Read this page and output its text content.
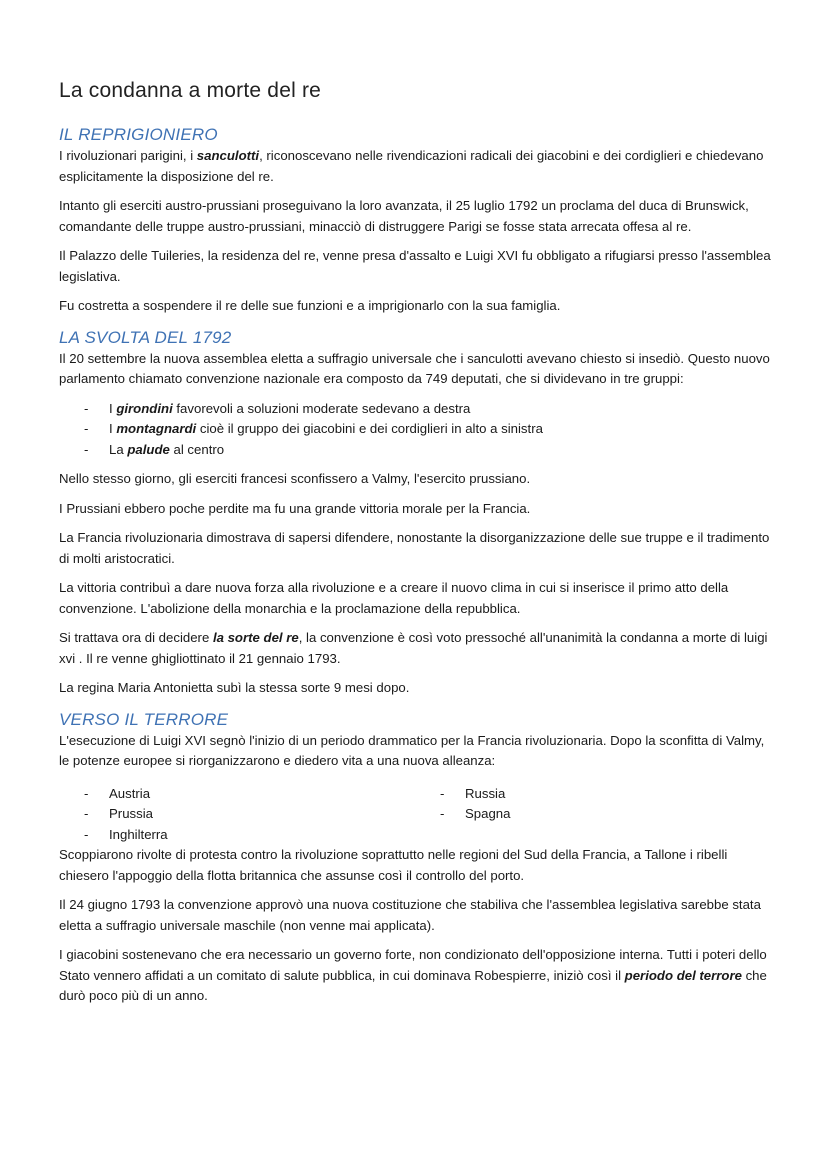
La condanna a morte del re
IL REPRIGIONIERO

I rivoluzionari parigini, i sanculotti, riconoscevano nelle rivendicazioni radicali dei giacobini e dei cordiglieri e chiedevano esplicitamente la disposizione del re.

Intanto gli eserciti austro-prussiani proseguivano la loro avanzata, il 25 luglio 1792 un proclama del duca di Brunswick, comandante delle truppe austro-prussiani, minacciò di distruggere Parigi se fosse stata arrecata offesa al re.

Il Palazzo delle Tuileries, la residenza del re, venne presa d'assalto e Luigi XVI fu obbligato a rifugiarsi presso l'assemblea legislativa.

Fu costretta a sospendere il re delle sue funzioni e a imprigionarlo con la sua famiglia.

LA SVOLTA DEL 1792

Il 20 settembre la nuova assemblea eletta a suffragio universale che i sanculotti avevano chiesto si insediò. Questo nuovo parlamento chiamato convenzione nazionale era composto da 749 deputati, che si dividevano in tre gruppi:

- I girondini favorevoli a soluzioni moderate sedevano a destra
- I montagnardi cioè il gruppo dei giacobini e dei cordiglieri in alto a sinistra
- La palude al centro

Nello stesso giorno, gli eserciti francesi sconfissero a Valmy, l'esercito prussiano.

I Prussiani ebbero poche perdite ma fu una grande vittoria morale per la Francia.

La Francia rivoluzionaria dimostrava di sapersi difendere, nonostante la disorganizzazione delle sue truppe e il tradimento di molti aristocratici.

La vittoria contribuì a dare nuova forza alla rivoluzione e a creare il nuovo clima in cui si inserisce il primo atto della convenzione. L'abolizione della monarchia e la proclamazione della repubblica.

Si trattava ora di decidere la sorte del re, la convenzione è così voto pressoché all'unanimità la condanna a morte di luigi xvi . Il re venne ghigliottinato il 21 gennaio 1793.

La regina Maria Antonietta subì la stessa sorte 9 mesi dopo.

VERSO IL TERRORE

L'esecuzione di Luigi XVI segnò l'inizio di un periodo drammatico per la Francia rivoluzionaria. Dopo la sconfitta di Valmy, le potenze europee si riorganizzarono e diedero vita a una nuova alleanza:

- Austria
- Prussia
- Inghilterra
- Russia
- Spagna

Scoppiarono rivolte di protesta contro la rivoluzione soprattutto nelle regioni del Sud della Francia, a Tallone i ribelli chiesero l'appoggio della flotta britannica che assunse così il controllo del porto.

Il 24 giugno 1793 la convenzione approvò una nuova costituzione che stabiliva che l'assemblea legislativa sarebbe stata eletta a suffragio universale maschile (non venne mai applicata).

I giacobini sostenevano che era necessario un governo forte, non condizionato dell'opposizione interna. Tutti i poteri dello Stato vennero affidati a un comitato di salute pubblica, in cui dominava Robespierre, iniziò così il periodo del terrore che durò poco più di un anno.
